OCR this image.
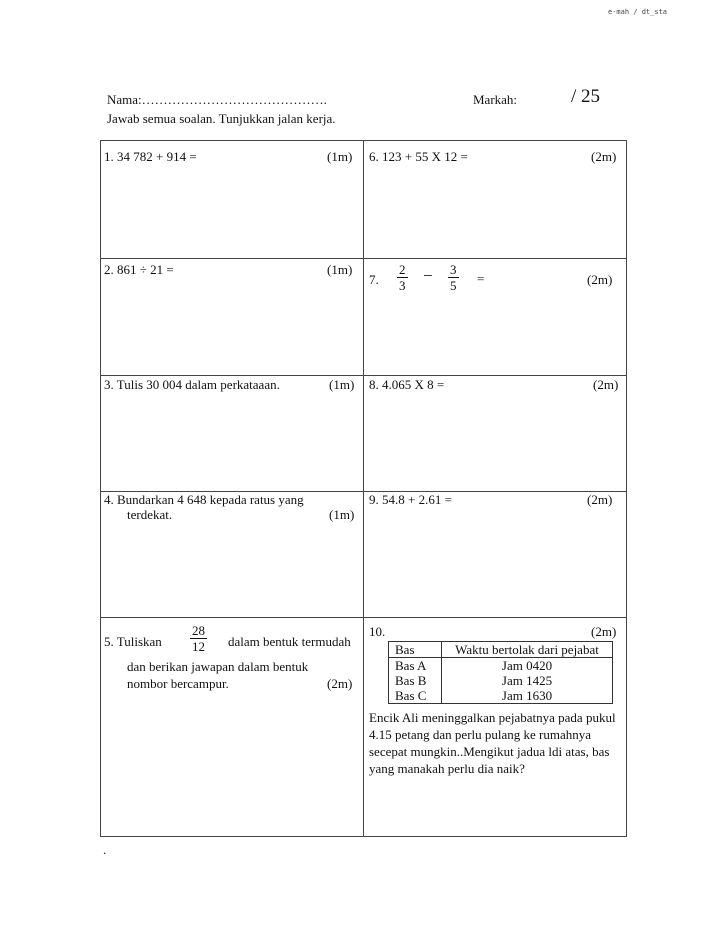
e-mah / dt_sta
Nama:…………………………………….	Markah:	/ 25
Jawab semua soalan. Tunjukkan jalan kerja.
1. 34 782 + 914 =	(1m) 6. 123 + 55 X 12 =	(2m)
2. 861 ÷ 21 =	(1m)
7. $\frac{2}{3} - \frac{3}{5}$ =	(2m)
3. Tulis 30 004 dalam perkataaan.	(1m) 8. 4.065 X 8 =	(2m)
4. Bundarkan 4 648 kepada ratus yang
terdekat.	(1m)
9. 54.8 + 2.61 =	(2m)
5. Tuliskan $\frac{28}{12}$ dalam bentuk termudah
dan berikan jawapan dalam bentuk
nombor bercampur.	(2m)
10.	(2m)
Bas	Waktu bertolak dari pejabat
Bas A	Jam 0420
Bas B	Jam 1425
Bas C	Jam 1630
Encik Ali meninggalkan pejabatnya pada pukul 4.15 petang dan perlu pulang ke rumahnya secepat mungkin..Mengikut jadua ldi atas, bas yang manakah perlu dia naik?
.
